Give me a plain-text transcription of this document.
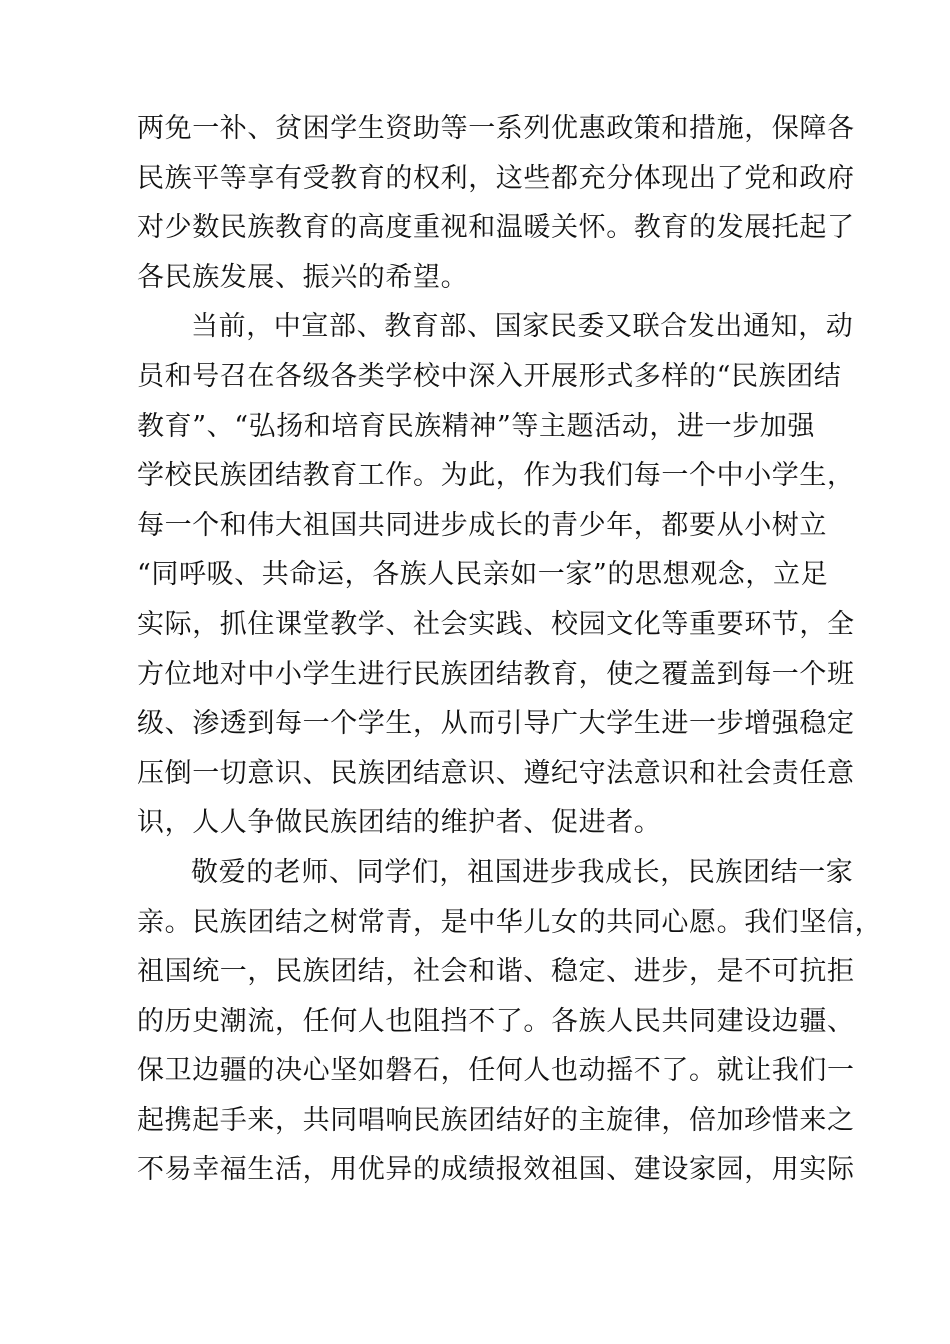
两免一补、贫困学生资助等一系列优惠政策和措施，保障各
民族平等享有受教育的权利，这些都充分体现出了党和政府
对少数民族教育的高度重视和温暖关怀。教育的发展托起了
各民族发展、振兴的希望。
当前，中宣部、教育部、国家民委又联合发出通知，动
员和号召在各级各类学校中深入开展形式多样的“民族团结
教育”、“弘扬和培育民族精神”等主题活动，进一步加强
学校民族团结教育工作。为此，作为我们每一个中小学生，
每一个和伟大祖国共同进步成长的青少年，都要从小树立
“同呼吸、共命运，各族人民亲如一家”的思想观念，立足
实际，抓住课堂教学、社会实践、校园文化等重要环节，全
方位地对中小学生进行民族团结教育，使之覆盖到每一个班
级、渗透到每一个学生，从而引导广大学生进一步增强稳定
压倒一切意识、民族团结意识、遵纪守法意识和社会责任意
识，人人争做民族团结的维护者、促进者。
敬爱的老师、同学们，祖国进步我成长，民族团结一家
亲。民族团结之树常青，是中华儿女的共同心愿。我们坚信，
祖国统一，民族团结，社会和谐、稳定、进步，是不可抗拒
的历史潮流，任何人也阻挡不了。各族人民共同建设边疆、
保卫边疆的决心坚如磐石，任何人也动摇不了。就让我们一
起携起手来，共同唱响民族团结好的主旋律，倍加珍惜来之
不易幸福生活，用优异的成绩报效祖国、建设家园，用实际
